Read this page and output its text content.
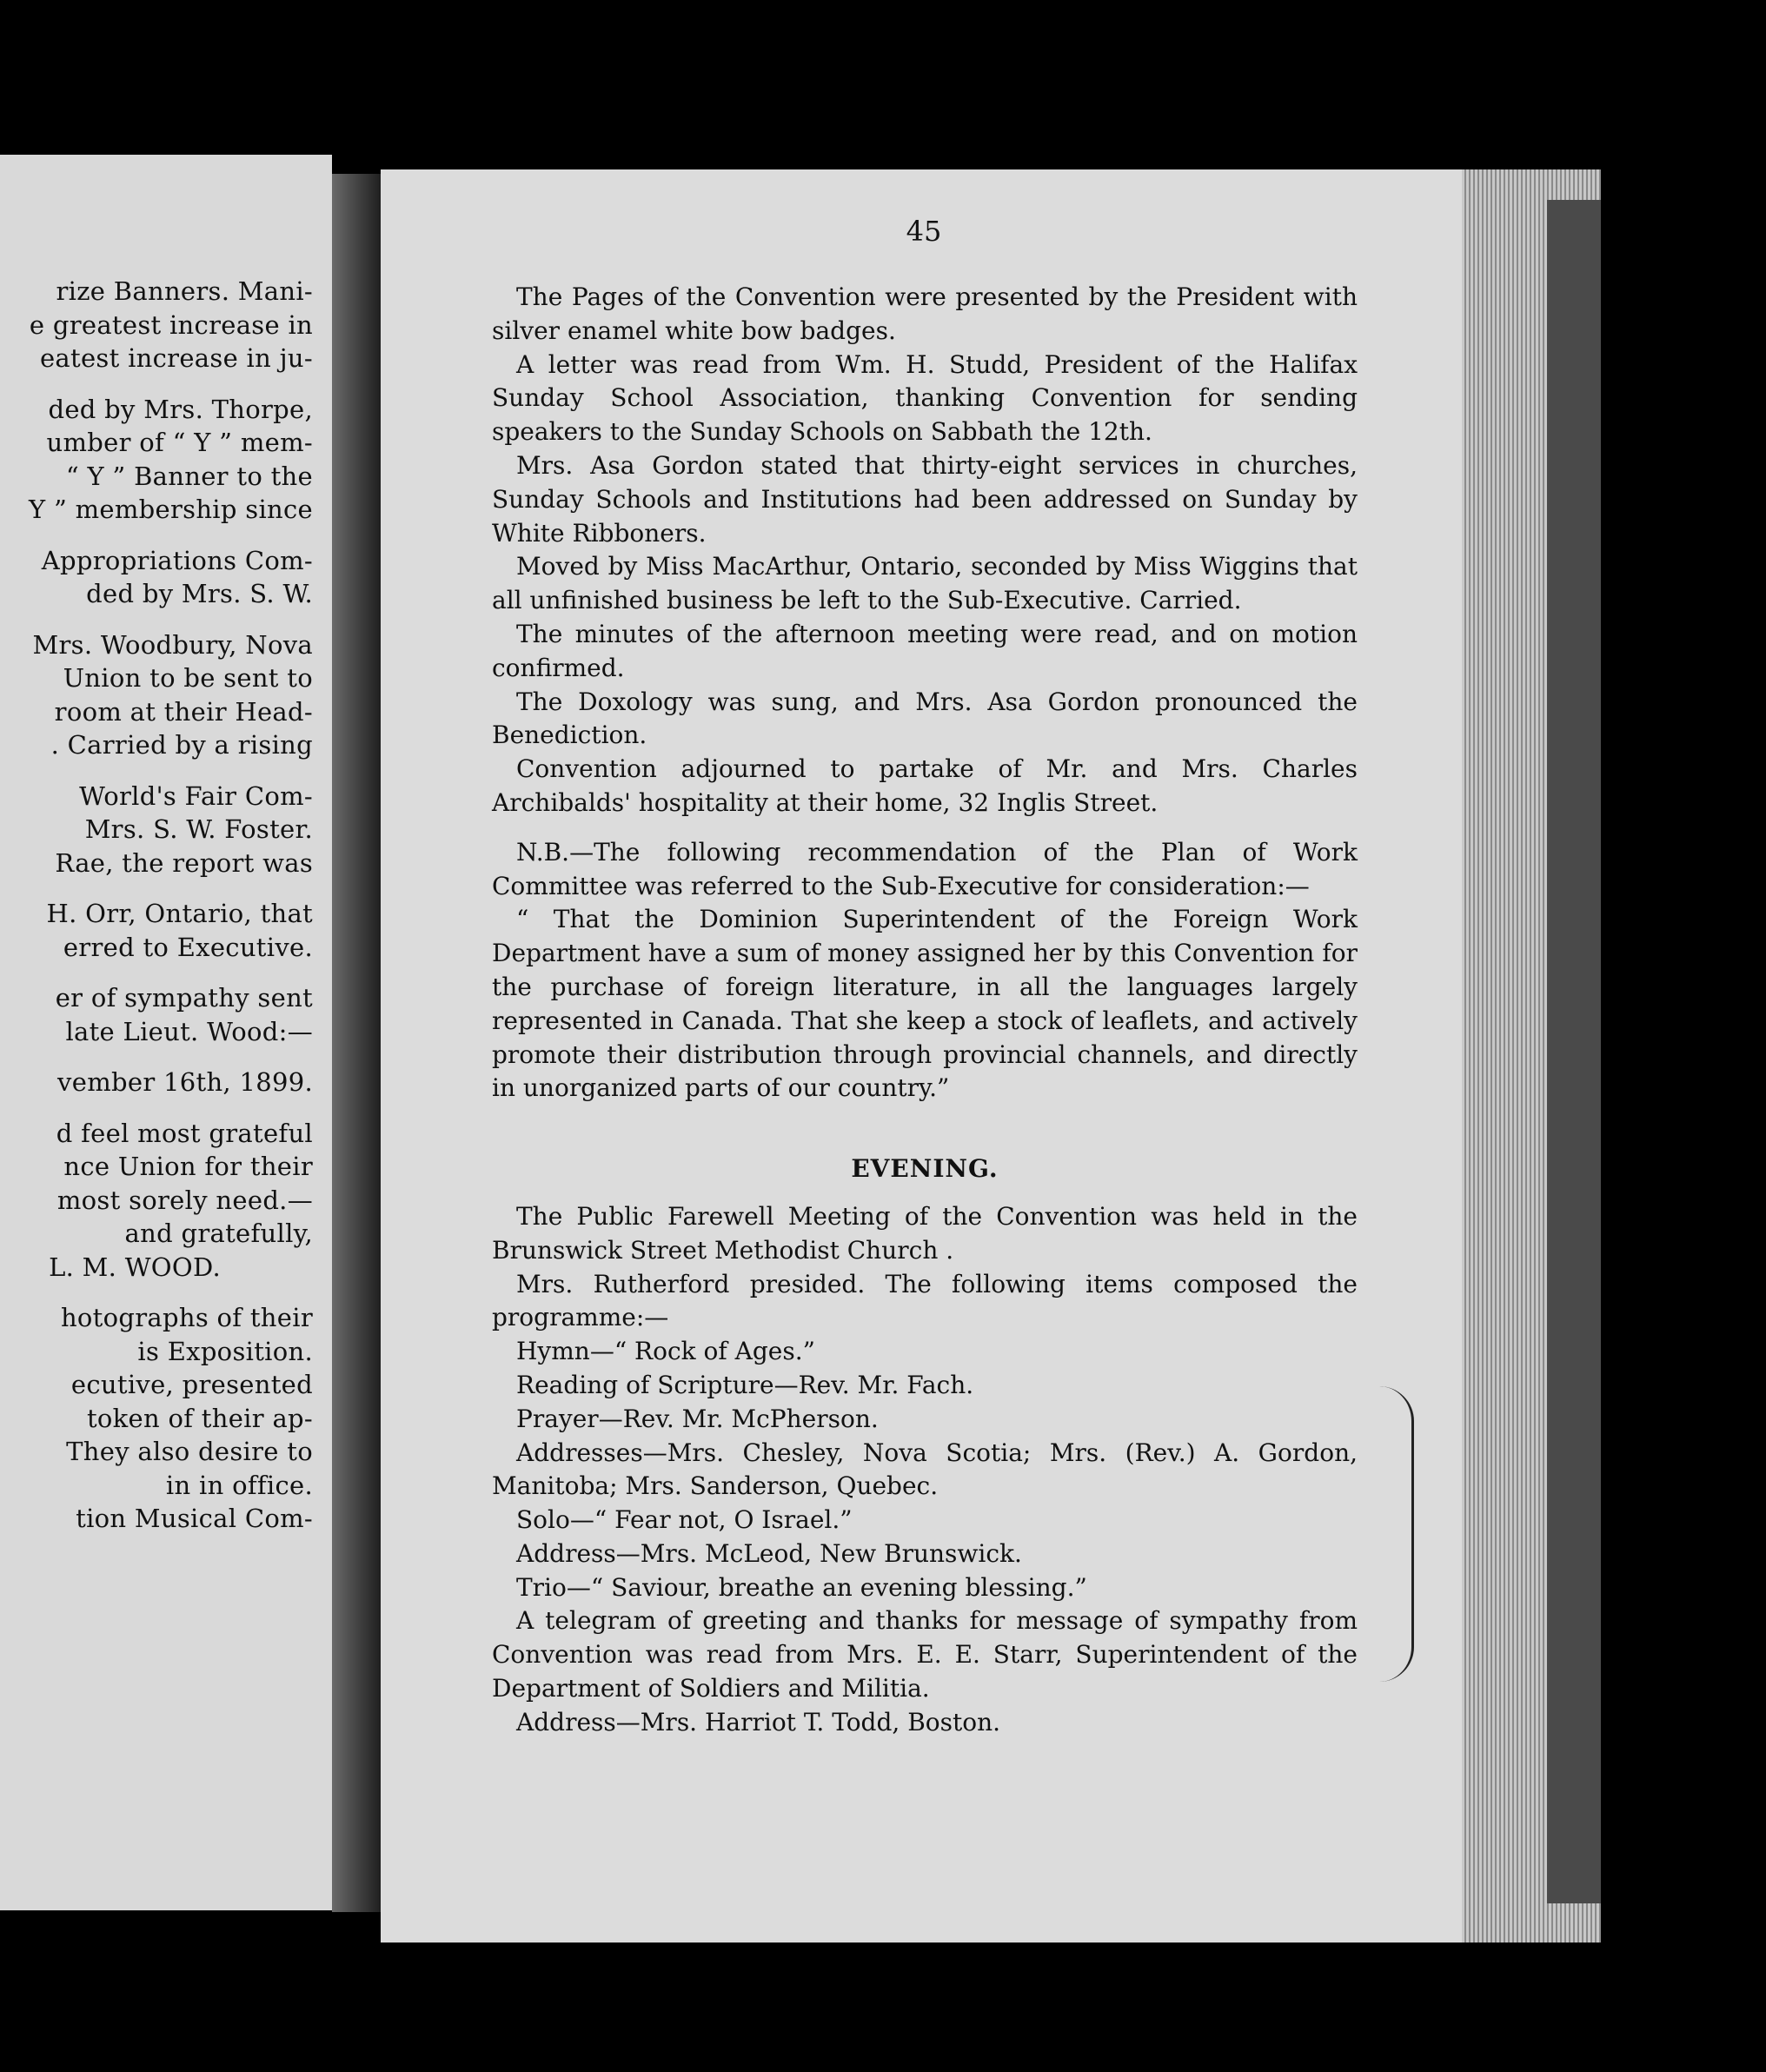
rize Banners. Mani-
e greatest increase in
eatest increase in ju-
ded by Mrs. Thorpe,
umber of “ Y ” mem-
“ Y ” Banner to the
Y ” membership since
Appropriations Com-
ded by Mrs. S. W.
Mrs. Woodbury, Nova
Union to be sent to
room at their Head-
. Carried by a rising
World's Fair Com-
Mrs. S. W. Foster.
Rae, the report was
H. Orr, Ontario, that
erred to Executive.
er of sympathy sent
late Lieut. Wood:—
vember 16th, 1899.
d feel most grateful
nce Union for their
most sorely need.—
and gratefully,
L. M. WOOD.
hotographs of their
is Exposition.
ecutive, presented
token of their ap-
They also desire to
in in office.
tion Musical Com-
45

The Pages of the Convention were presented by the President with silver enamel white bow badges.

A letter was read from Wm. H. Studd, President of the Halifax Sunday School Association, thanking Convention for sending speakers to the Sunday Schools on Sabbath the 12th.

Mrs. Asa Gordon stated that thirty-eight services in churches, Sunday Schools and Institutions had been addressed on Sunday by White Ribboners.

Moved by Miss MacArthur, Ontario, seconded by Miss Wiggins that all unfinished business be left to the Sub-Executive. Carried.

The minutes of the afternoon meeting were read, and on motion confirmed.

The Doxology was sung, and Mrs. Asa Gordon pronounced the Benediction.

Convention adjourned to partake of Mr. and Mrs. Charles Archibalds' hospitality at their home, 32 Inglis Street.

N.B.—The following recommendation of the Plan of Work Committee was referred to the Sub-Executive for consideration:—

“ That the Dominion Superintendent of the Foreign Work Department have a sum of money assigned her by this Convention for the purchase of foreign literature, in all the languages largely represented in Canada. That she keep a stock of leaflets, and actively promote their distribution through provincial channels, and directly in unorganized parts of our country.”

EVENING.

The Public Farewell Meeting of the Convention was held in the Brunswick Street Methodist Church .

Mrs. Rutherford presided. The following items composed the programme:—

Hymn—“ Rock of Ages.”

Reading of Scripture—Rev. Mr. Fach.

Prayer—Rev. Mr. McPherson.

Addresses—Mrs. Chesley, Nova Scotia; Mrs. (Rev.) A. Gordon, Manitoba; Mrs. Sanderson, Quebec.

Solo—“ Fear not, O Israel.”

Address—Mrs. McLeod, New Brunswick.

Trio—“ Saviour, breathe an evening blessing.”

A telegram of greeting and thanks for message of sympathy from Convention was read from Mrs. E. E. Starr, Superintendent of the Department of Soldiers and Militia.

Address—Mrs. Harriot T. Todd, Boston.
